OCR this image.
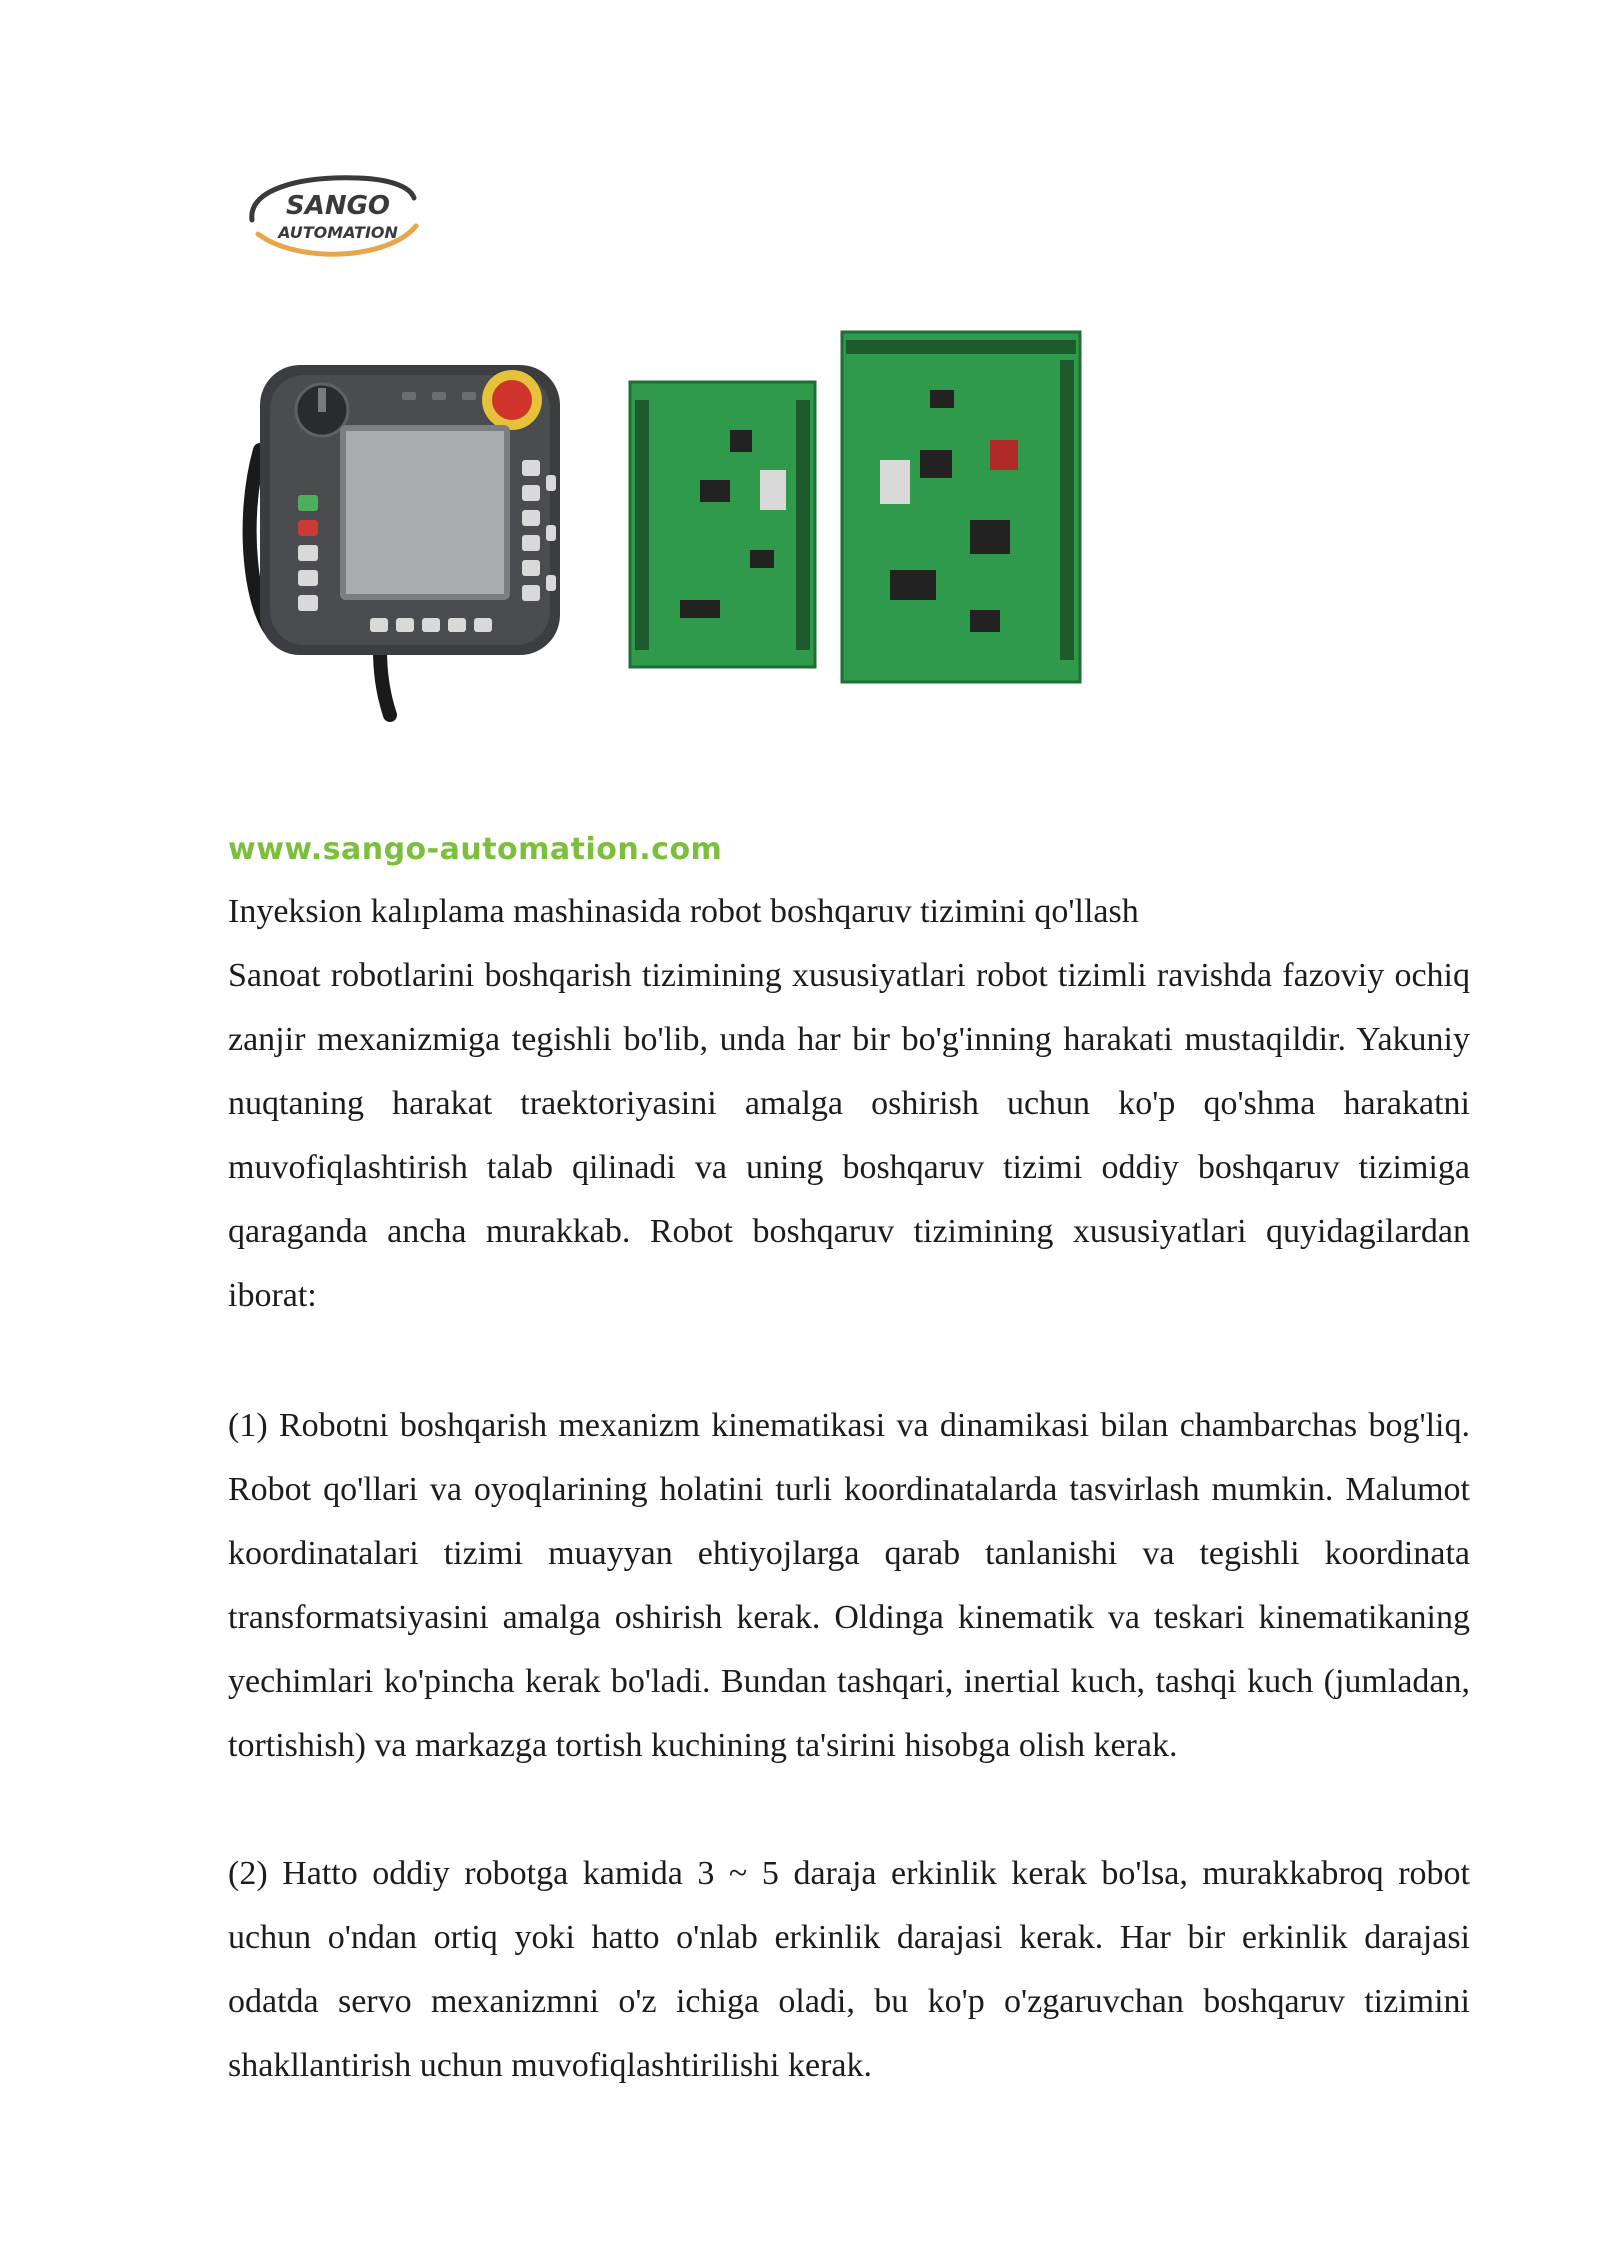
SANGO
AUTOMATION
www.sango-automation.com

Inyeksion kalıplama mashinasida robot boshqaruv tizimini qo'llash

Sanoat robotlarini boshqarish tizimining xususiyatlari robot tizimli ravishda fazoviy ochiq zanjir mexanizmiga tegishli bo'lib, unda har bir bo'g'inning harakati mustaqildir. Yakuniy nuqtaning harakat traektoriyasini amalga oshirish uchun ko'p qo'shma harakatni muvofiqlashtirish talab qilinadi va uning boshqaruv tizimi oddiy boshqaruv tizimiga qaraganda ancha murakkab. Robot boshqaruv tizimining xususiyatlari quyidagilardan iborat:

(1) Robotni boshqarish mexanizm kinematikasi va dinamikasi bilan chambarchas bog'liq. Robot qo'llari va oyoqlarining holatini turli koordinatalarda tasvirlash mumkin. Malumot koordinatalari tizimi muayyan ehtiyojlarga qarab tanlanishi va tegishli koordinata transformatsiyasini amalga oshirish kerak. Oldinga kinematik va teskari kinematikaning yechimlari ko'pincha kerak bo'ladi. Bundan tashqari, inertial kuch, tashqi kuch (jumladan, tortishish) va markazga tortish kuchining ta'sirini hisobga olish kerak.

(2) Hatto oddiy robotga kamida 3 ~ 5 daraja erkinlik kerak bo'lsa, murakkabroq robot uchun o'ndan ortiq yoki hatto o'nlab erkinlik darajasi kerak. Har bir erkinlik darajasi odatda servo mexanizmni o'z ichiga oladi, bu ko'p o'zgaruvchan boshqaruv tizimini shakllantirish uchun muvofiqlashtirilishi kerak.
